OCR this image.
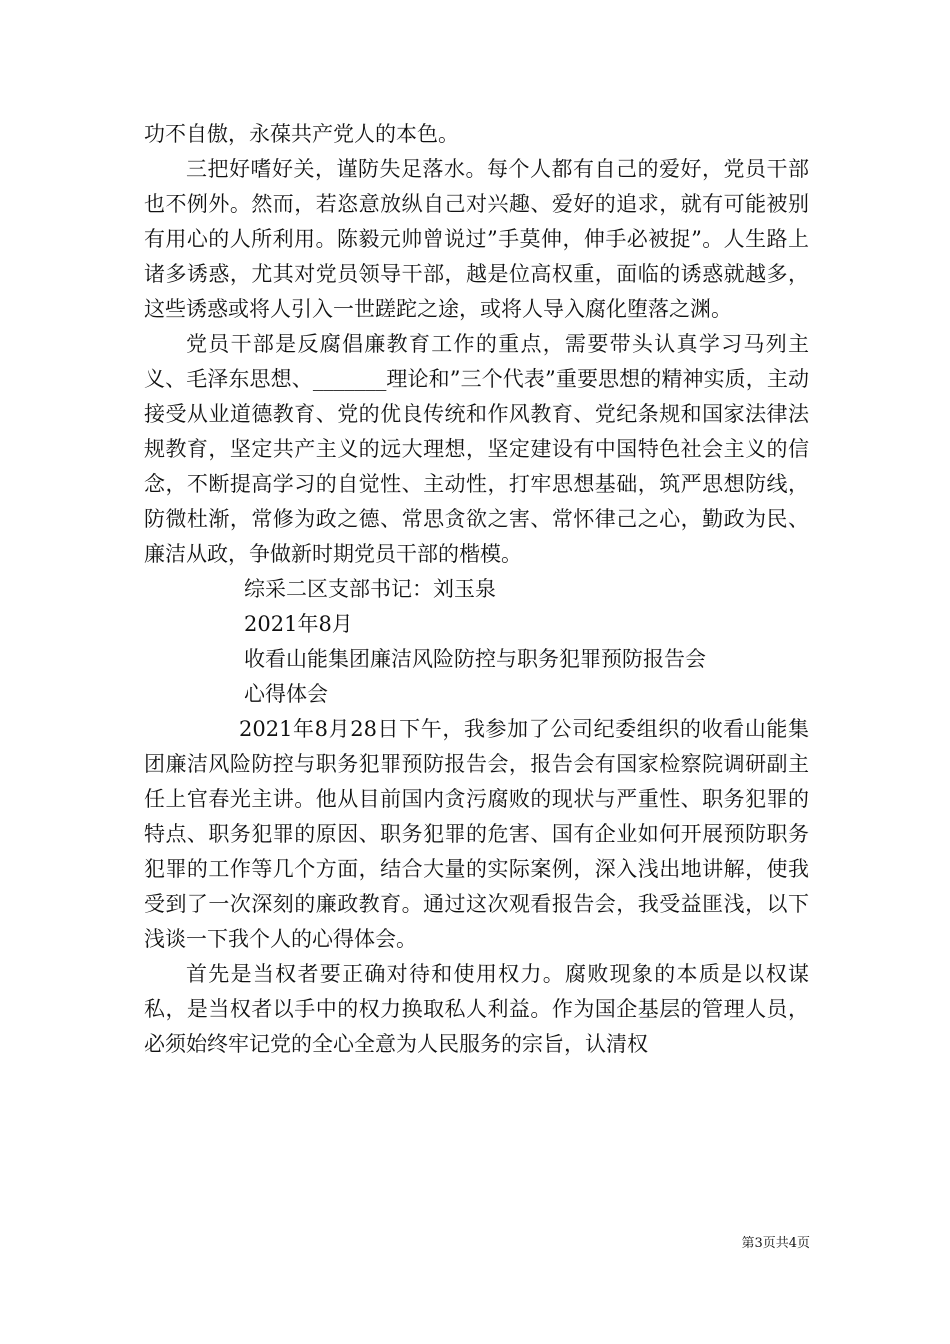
功不自傲，永葆共产党人的本色。

三把好嗜好关，谨防失足落水。每个人都有自己的爱好，党员干部也不例外。然而，若恣意放纵自己对兴趣、爱好的追求，就有可能被别有用心的人所利用。陈毅元帅曾说过”手莫伸，伸手必被捉”。人生路上诸多诱惑，尤其对党员领导干部，越是位高权重，面临的诱惑就越多，这些诱惑或将人引入一世蹉跎之途，或将人导入腐化堕落之渊。

党员干部是反腐倡廉教育工作的重点，需要带头认真学习马列主义、毛泽东思想、_______理论和”三个代表”重要思想的精神实质，主动接受从业道德教育、党的优良传统和作风教育、党纪条规和国家法律法规教育，坚定共产主义的远大理想，坚定建设有中国特色社会主义的信念，不断提高学习的自觉性、主动性，打牢思想基础，筑严思想防线，防微杜渐，常修为政之德、常思贪欲之害、常怀律己之心，勤政为民、廉洁从政，争做新时期党员干部的楷模。

综采二区支部书记：刘玉泉

2021年8月

收看山能集团廉洁风险防控与职务犯罪预防报告会

心得体会

2021年8月28日下午，我参加了公司纪委组织的收看山能集团廉洁风险防控与职务犯罪预防报告会，报告会有国家检察院调研副主任上官春光主讲。他从目前国内贪污腐败的现状与严重性、职务犯罪的特点、职务犯罪的原因、职务犯罪的危害、国有企业如何开展预防职务犯罪的工作等几个方面，结合大量的实际案例，深入浅出地讲解，使我受到了一次深刻的廉政教育。通过这次观看报告会，我受益匪浅，以下浅谈一下我个人的心得体会。

首先是当权者要正确对待和使用权力。腐败现象的本质是以权谋私，是当权者以手中的权力换取私人利益。作为国企基层的管理人员，必须始终牢记党的全心全意为人民服务的宗旨，认清权

第3页共4页
